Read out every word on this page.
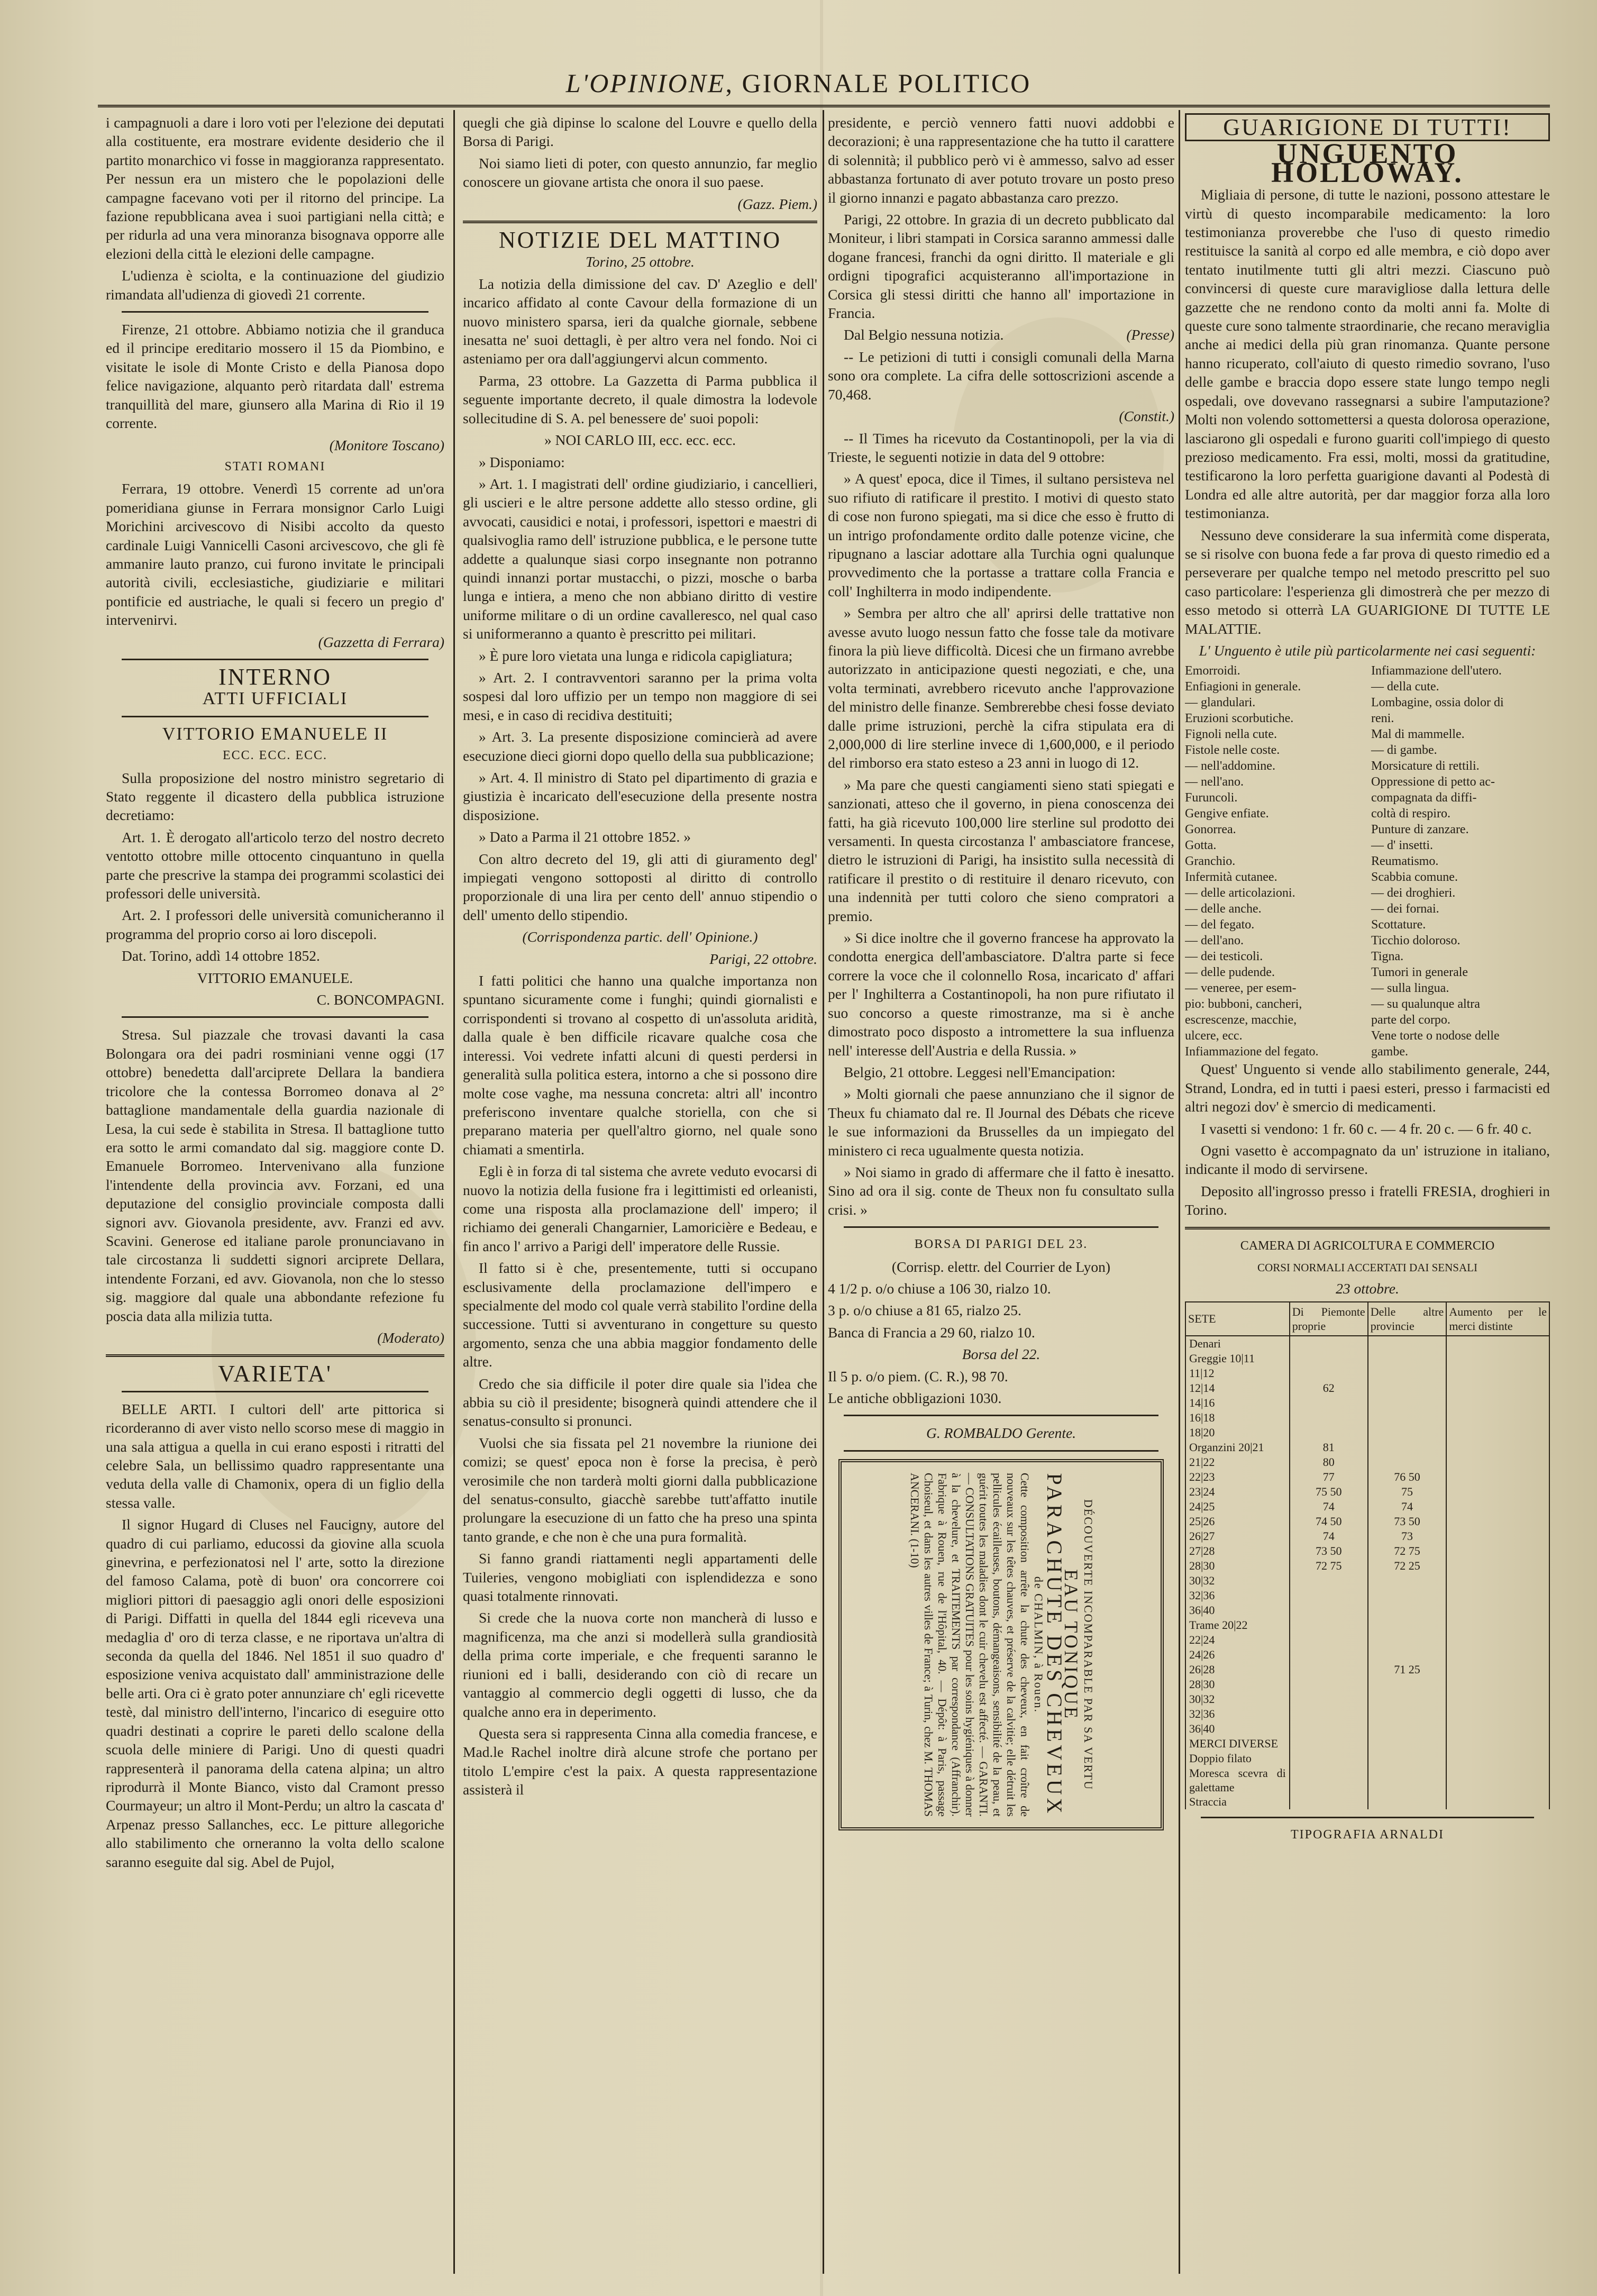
L'OPINIONE, GIORNALE POLITICO

i campagnuoli a dare i loro voti per l'elezione dei deputati alla costituente, era mostrare evidente desiderio che il partito monarchico vi fosse in maggioranza rappresentato. Per nessun era un mistero che le popolazioni delle campagne facevano voti per il ritorno del principe. La fazione repubblicana avea i suoi partigiani nella città; e per ridurla ad una vera minoranza bisognava opporre alle elezioni della città le elezioni delle campagne.

L'udienza è sciolta, e la continuazione del giudizio rimandata all'udienza di giovedì 21 corrente.

Firenze, 21 ottobre. Abbiamo notizia che il granduca ed il principe ereditario mossero il 15 da Piombino, e visitate le isole di Monte Cristo e della Pianosa dopo felice navigazione, alquanto però ritardata dall' estrema tranquillità del mare, giunsero alla Marina di Rio il 19 corrente.

(Monitore Toscano)

STATI ROMANI

Ferrara, 19 ottobre. Venerdì 15 corrente ad un'ora pomeridiana giunse in Ferrara monsignor Carlo Luigi Morichini arcivescovo di Nisibi accolto da questo cardinale Luigi Vannicelli Casoni arcivescovo, che gli fè ammanire lauto pranzo, cui furono invitate le principali autorità civili, ecclesiastiche, giudiziarie e militari pontificie ed austriache, le quali si fecero un pregio d' intervenirvi.

(Gazzetta di Ferrara)

INTERNO

ATTI UFFICIALI

VITTORIO EMANUELE II

ECC. ECC. ECC.

Sulla proposizione del nostro ministro segretario di Stato reggente il dicastero della pubblica istruzione decretiamo:

Art. 1. È derogato all'articolo terzo del nostro decreto ventotto ottobre mille ottocento cinquantuno in quella parte che prescrive la stampa dei programmi scolastici dei professori delle università.

Art. 2. I professori delle università comunicheranno il programma del proprio corso ai loro discepoli.

Dat. Torino, addì 14 ottobre 1852.

VITTORIO EMANUELE.

C. BONCOMPAGNI.

Stresa. Sul piazzale che trovasi davanti la casa Bolongara ora dei padri rosminiani venne oggi (17 ottobre) benedetta dall'arciprete Dellara la bandiera tricolore che la contessa Borromeo donava al 2° battaglione mandamentale della guardia nazionale di Lesa, la cui sede è stabilita in Stresa. Il battaglione tutto era sotto le armi comandato dal sig. maggiore conte D. Emanuele Borromeo. Intervenivano alla funzione l'intendente della provincia avv. Forzani, ed una deputazione del consiglio provinciale composta dalli signori avv. Giovanola presidente, avv. Franzi ed avv. Scavini. Generose ed italiane parole pronunciavano in tale circostanza li suddetti signori arciprete Dellara, intendente Forzani, ed avv. Giovanola, non che lo stesso sig. maggiore dal quale una abbondante refezione fu poscia data alla milizia tutta.

(Moderato)

VARIETA'

BELLE ARTI. I cultori dell' arte pittorica si ricorderanno di aver visto nello scorso mese di maggio in una sala attigua a quella in cui erano esposti i ritratti del celebre Sala, un bellissimo quadro rappresentante una veduta della valle di Chamonix, opera di un figlio della stessa valle.

Il signor Hugard di Cluses nel Faucigny, autore del quadro di cui parliamo, educossi da giovine alla scuola ginevrina, e perfezionatosi nel l' arte, sotto la direzione del famoso Calama, potè di buon' ora concorrere coi migliori pittori di paesaggio agli onori delle esposizioni di Parigi. Diffatti in quella del 1844 egli riceveva una medaglia d' oro di terza classe, e ne riportava un'altra di seconda da quella del 1846. Nel 1851 il suo quadro d' esposizione veniva acquistato dall' amministrazione delle belle arti. Ora ci è grato poter annunziare ch' egli ricevette testè, dal ministro dell'interno, l'incarico di eseguire otto quadri destinati a coprire le pareti dello scalone della scuola delle miniere di Parigi. Uno di questi quadri rappresenterà il panorama della catena alpina; un altro riprodurrà il Monte Bianco, visto dal Cramont presso Courmayeur; un altro il Mont-Perdu; un altro la cascata d' Arpenaz presso Sallanches, ecc. Le pitture allegoriche allo stabilimento che orneranno la volta dello scalone saranno eseguite dal sig. Abel de Pujol,

quegli che già dipinse lo scalone del Louvre e quello della Borsa di Parigi.

Noi siamo lieti di poter, con questo annunzio, far meglio conoscere un giovane artista che onora il suo paese.

(Gazz. Piem.)

NOTIZIE DEL MATTINO

Torino, 25 ottobre.

La notizia della dimissione del cav. D' Azeglio e dell' incarico affidato al conte Cavour della formazione di un nuovo ministero sparsa, ieri da qualche giornale, sebbene inesatta ne' suoi dettagli, è per altro vera nel fondo. Noi ci asteniamo per ora dall'aggiungervi alcun commento.

Parma, 23 ottobre. La Gazzetta di Parma pubblica il seguente importante decreto, il quale dimostra la lodevole sollecitudine di S. A. pel benessere de' suoi popoli:

» NOI CARLO III, ecc. ecc. ecc.

» Disponiamo:

» Art. 1. I magistrati dell' ordine giudiziario, i cancellieri, gli uscieri e le altre persone addette allo stesso ordine, gli avvocati, causidici e notai, i professori, ispettori e maestri di qualsivoglia ramo dell' istruzione pubblica, e le persone tutte addette a qualunque siasi corpo insegnante non potranno quindi innanzi portar mustacchi, o pizzi, mosche o barba lunga e intiera, a meno che non abbiano diritto di vestire uniforme militare o di un ordine cavalleresco, nel qual caso si uniformeranno a quanto è prescritto pei militari.

» È pure loro vietata una lunga e ridicola capigliatura;

» Art. 2. I contravventori saranno per la prima volta sospesi dal loro uffizio per un tempo non maggiore di sei mesi, e in caso di recidiva destituiti;

» Art. 3. La presente disposizione comincierà ad avere esecuzione dieci giorni dopo quello della sua pubblicazione;

» Art. 4. Il ministro di Stato pel dipartimento di grazia e giustizia è incaricato dell'esecuzione della presente nostra disposizione.

» Dato a Parma il 21 ottobre 1852. »

Con altro decreto del 19, gli atti di giuramento degl' impiegati vengono sottoposti al diritto di controllo proporzionale di una lira per cento dell' annuo stipendio o dell' umento dello stipendio.

(Corrispondenza partic. dell' Opinione.)

Parigi, 22 ottobre.

I fatti politici che hanno una qualche importanza non spuntano sicuramente come i funghi; quindi giornalisti e corrispondenti si trovano al cospetto di un'assoluta aridità, dalla quale è ben difficile ricavare qualche cosa che interessi. Voi vedrete infatti alcuni di questi perdersi in generalità sulla politica estera, intorno a che si possono dire molte cose vaghe, ma nessuna concreta: altri all' incontro preferiscono inventare qualche storiella, con che si preparano materia per quell'altro giorno, nel quale sono chiamati a smentirla.

Egli è in forza di tal sistema che avrete veduto evocarsi di nuovo la notizia della fusione fra i legittimisti ed orleanisti, come una risposta alla proclamazione dell' impero; il richiamo dei generali Changarnier, Lamoricière e Bedeau, e fin anco l' arrivo a Parigi dell' imperatore delle Russie.

Il fatto si è che, presentemente, tutti si occupano esclusivamente della proclamazione dell'impero e specialmente del modo col quale verrà stabilito l'ordine della successione. Tutti si avventurano in congetture su questo argomento, senza che una abbia maggior fondamento delle altre.

Credo che sia difficile il poter dire quale sia l'idea che abbia su ciò il presidente; bisognerà quindi attendere che il senatus-consulto si pronunci.

Vuolsi che sia fissata pel 21 novembre la riunione dei comizi; se quest' epoca non è forse la precisa, è però verosimile che non tarderà molti giorni dalla pubblicazione del senatus-consulto, giacchè sarebbe tutt'affatto inutile prolungare la esecuzione di un fatto che ha preso una spinta tanto grande, e che non è che una pura formalità.

Si fanno grandi riattamenti negli appartamenti delle Tuileries, vengono mobigliati con isplendidezza e sono quasi totalmente rinnovati.

Si crede che la nuova corte non mancherà di lusso e magnificenza, ma che anzi si modellerà sulla grandiosità della prima corte imperiale, e che frequenti saranno le riunioni ed i balli, desiderando con ciò di recare un vantaggio al commercio degli oggetti di lusso, che da qualche anno era in deperimento.

Questa sera si rappresenta Cinna alla comedia francese, e Mad.le Rachel inoltre dirà alcune strofe che portano per titolo L'empire c'est la paix. A questa rappresentazione assisterà il

presidente, e perciò vennero fatti nuovi addobbi e decorazioni; è una rappresentazione che ha tutto il carattere di solennità; il pubblico però vi è ammesso, salvo ad esser abbastanza fortunato di aver potuto trovare un posto preso il giorno innanzi e pagato abbastanza caro prezzo.

Parigi, 22 ottobre. In grazia di un decreto pubblicato dal Moniteur, i libri stampati in Corsica saranno ammessi dalle dogane francesi, franchi da ogni diritto. Il materiale e gli ordigni tipografici acquisteranno all'importazione in Corsica gli stessi diritti che hanno all' importazione in Francia.

Dal Belgio nessuna notizia.	(Presse)

-- Le petizioni di tutti i consigli comunali della Marna sono ora complete. La cifra delle sottoscrizioni ascende a 70,468.

(Constit.)

-- Il Times ha ricevuto da Costantinopoli, per la via di Trieste, le seguenti notizie in data del 9 ottobre:

» A quest' epoca, dice il Times, il sultano persisteva nel suo rifiuto di ratificare il prestito. I motivi di questo stato di cose non furono spiegati, ma si dice che esso è frutto di un intrigo profondamente ordito dalle potenze vicine, che ripugnano a lasciar adottare alla Turchia ogni qualunque provvedimento che la portasse a trattare colla Francia e coll' Inghilterra in modo indipendente.

» Sembra per altro che all' aprirsi delle trattative non avesse avuto luogo nessun fatto che fosse tale da motivare finora la più lieve difficoltà. Dicesi che un firmano avrebbe autorizzato in anticipazione questi negoziati, e che, una volta terminati, avrebbero ricevuto anche l'approvazione del ministro delle finanze. Sembrerebbe chesi fosse deviato dalle prime istruzioni, perchè la cifra stipulata era di 2,000,000 di lire sterline invece di 1,600,000, e il periodo del rimborso era stato esteso a 23 anni in luogo di 12.

» Ma pare che questi cangiamenti sieno stati spiegati e sanzionati, atteso che il governo, in piena conoscenza dei fatti, ha già ricevuto 100,000 lire sterline sul prodotto dei versamenti. In questa circostanza l' ambasciatore francese, dietro le istruzioni di Parigi, ha insistito sulla necessità di ratificare il prestito o di restituire il denaro ricevuto, con una indennità per tutti coloro che sieno compratori a premio.

» Si dice inoltre che il governo francese ha approvato la condotta energica dell'ambasciatore. D'altra parte si fece correre la voce che il colonnello Rosa, incaricato d' affari per l' Inghilterra a Costantinopoli, ha non pure rifiutato il suo concorso a queste rimostranze, ma si è anche dimostrato poco disposto a intromettere la sua influenza nell' interesse dell'Austria e della Russia. »

Belgio, 21 ottobre. Leggesi nell'Emancipation:

» Molti giornali che paese annunziano che il signor de Theux fu chiamato dal re. Il Journal des Débats che riceve le sue informazioni da Brusselles da un impiegato del ministero ci reca ugualmente questa notizia.

» Noi siamo in grado di affermare che il fatto è inesatto. Sino ad ora il sig. conte de Theux non fu consultato sulla crisi. »

BORSA DI PARIGI DEL 23.

(Corrisp. elettr. del Courrier de Lyon)

4 1/2 p. o/o chiuse a 106 30, rialzo 10.

3 p. o/o chiuse a 81 65, rialzo 25.

Banca di Francia a 29 60, rialzo 10.

Borsa del 22.

Il 5 p. o/o piem. (C. R.), 98 70.

Le antiche obbligazioni 1030.

G. ROMBALDO Gerente.

DÉCOUVERTE INCOMPARABLE PAR SA VERTU
EAU TONIQUE
PARACHUTE DES CHEVEUX
de CHALMIN, à Rouen.
Cette composition arrête la chute des cheveux, en fait croître de nouveaux sur les têtes chauves, et préserve de la calvitie; elle détruit les pellicules écailleuses, boutons, démangeaisons, sensibilité de la peau, et guérit toutes les maladies dont le cuir chevelu est affecté. — GARANTI. — CONSULTATIONS GRATUITES pour les soins hygiéniques à donner à la chevelure, et TRAITEMENTS par correspondance (Affranchir). Fabrique à Rouen, rue de l'Hôpital, 40. — Dépôt: à Paris, passage Choiseul, et dans les autres villes de France; à Turin, chez M. THOMAS ANCERANI. (1-10)

GUARIGIONE DI TUTTI!

UNGUENTO HOLLOWAY.

Migliaia di persone, di tutte le nazioni, possono attestare le virtù di questo incomparabile medicamento: la loro testimonianza proverebbe che l'uso di questo rimedio restituisce la sanità al corpo ed alle membra, e ciò dopo aver tentato inutilmente tutti gli altri mezzi. Ciascuno può convincersi di queste cure maravigliose dalla lettura delle gazzette che ne rendono conto da molti anni fa. Molte di queste cure sono talmente straordinarie, che recano meraviglia anche ai medici della più gran rinomanza. Quante persone hanno ricuperato, coll'aiuto di questo rimedio sovrano, l'uso delle gambe e braccia dopo essere state lungo tempo negli ospedali, ove dovevano rassegnarsi a subire l'amputazione? Molti non volendo sottomettersi a questa dolorosa operazione, lasciarono gli ospedali e furono guariti coll'impiego di questo prezioso medicamento. Fra essi, molti, mossi da gratitudine, testificarono la loro perfetta guarigione davanti al Podestà di Londra ed alle altre autorità, per dar maggior forza alla loro testimonianza.

Nessuno deve considerare la sua infermità come disperata, se si risolve con buona fede a far prova di questo rimedio ed a perseverare per qualche tempo nel metodo prescritto pel suo caso particolare: l'esperienza gli dimostrerà che per mezzo di esso metodo si otterrà LA GUARIGIONE DI TUTTE LE MALATTIE.

L' Unguento è utile più particolarmente nei casi seguenti:

Emorroidi.
Enfiagioni in generale.
— glandulari.
Eruzioni scorbutiche.
Fignoli nella cute.
Fistole nelle coste.
— nell'addomine.
— nell'ano.
Furuncoli.
Gengive enfiate.
Gonorrea.
Gotta.
Granchio.
Infermità cutanee.
— delle articolazioni.
— delle anche.
— del fegato.
— dell'ano.
— dei testicoli.
— delle pudende.
— veneree, per esem-
pio: bubboni, cancheri,
escrescenze, macchie,
ulcere, ecc.
Infiammazione del fegato.
Infiammazione dell'utero.
— della cute.
Lombagine, ossia dolor di
reni.
Mal di mammelle.
— di gambe.
Morsicature di rettili.
Oppressione di petto ac-
compagnata da diffi-
coltà di respiro.
Punture di zanzare.
— d' insetti.
Reumatismo.
Scabbia comune.
— dei droghieri.
— dei fornai.
Scottature.
Ticchio doloroso.
Tigna.
Tumori in generale
— sulla lingua.
— su qualunque altra
parte del corpo.
Vene torte o nodose delle
gambe.

Quest' Unguento si vende allo stabilimento generale, 244, Strand, Londra, ed in tutti i paesi esteri, presso i farmacisti ed altri negozi dov' è smercio di medicamenti.

I vasetti si vendono: 1 fr. 60 c. — 4 fr. 20 c. — 6 fr. 40 c.

Ogni vasetto è accompagnato da un' istruzione in italiano, indicante il modo di servirsene.

Deposito all'ingrosso presso i fratelli FRESIA, droghieri in Torino.

CAMERA DI AGRICOLTURA E COMMERCIO

CORSI NORMALI ACCERTATI DAI SENSALI

23 ottobre.

SETE	Di Piemonte proprie	Delle altre provincie	Aumento per le merci distinte
Denari			
Greggie 10|11			
11|12			
12|14	62		
14|16			
16|18			
18|20			
Organzini 20|21	81		
21|22	80		
22|23	77	76 50	
23|24	75 50	75	
24|25	74	74	
25|26	74 50	73 50	
26|27	74	73	
27|28	73 50	72 75	
28|30	72 75	72 25	
30|32			
32|36			
36|40			
Trame 20|22			
22|24			
24|26			
26|28		71 25	
28|30			
30|32			
32|36			
36|40			
MERCI DIVERSE			
Doppio filato			
Moresca scevra di galettame			
Straccia			

TIPOGRAFIA ARNALDI
